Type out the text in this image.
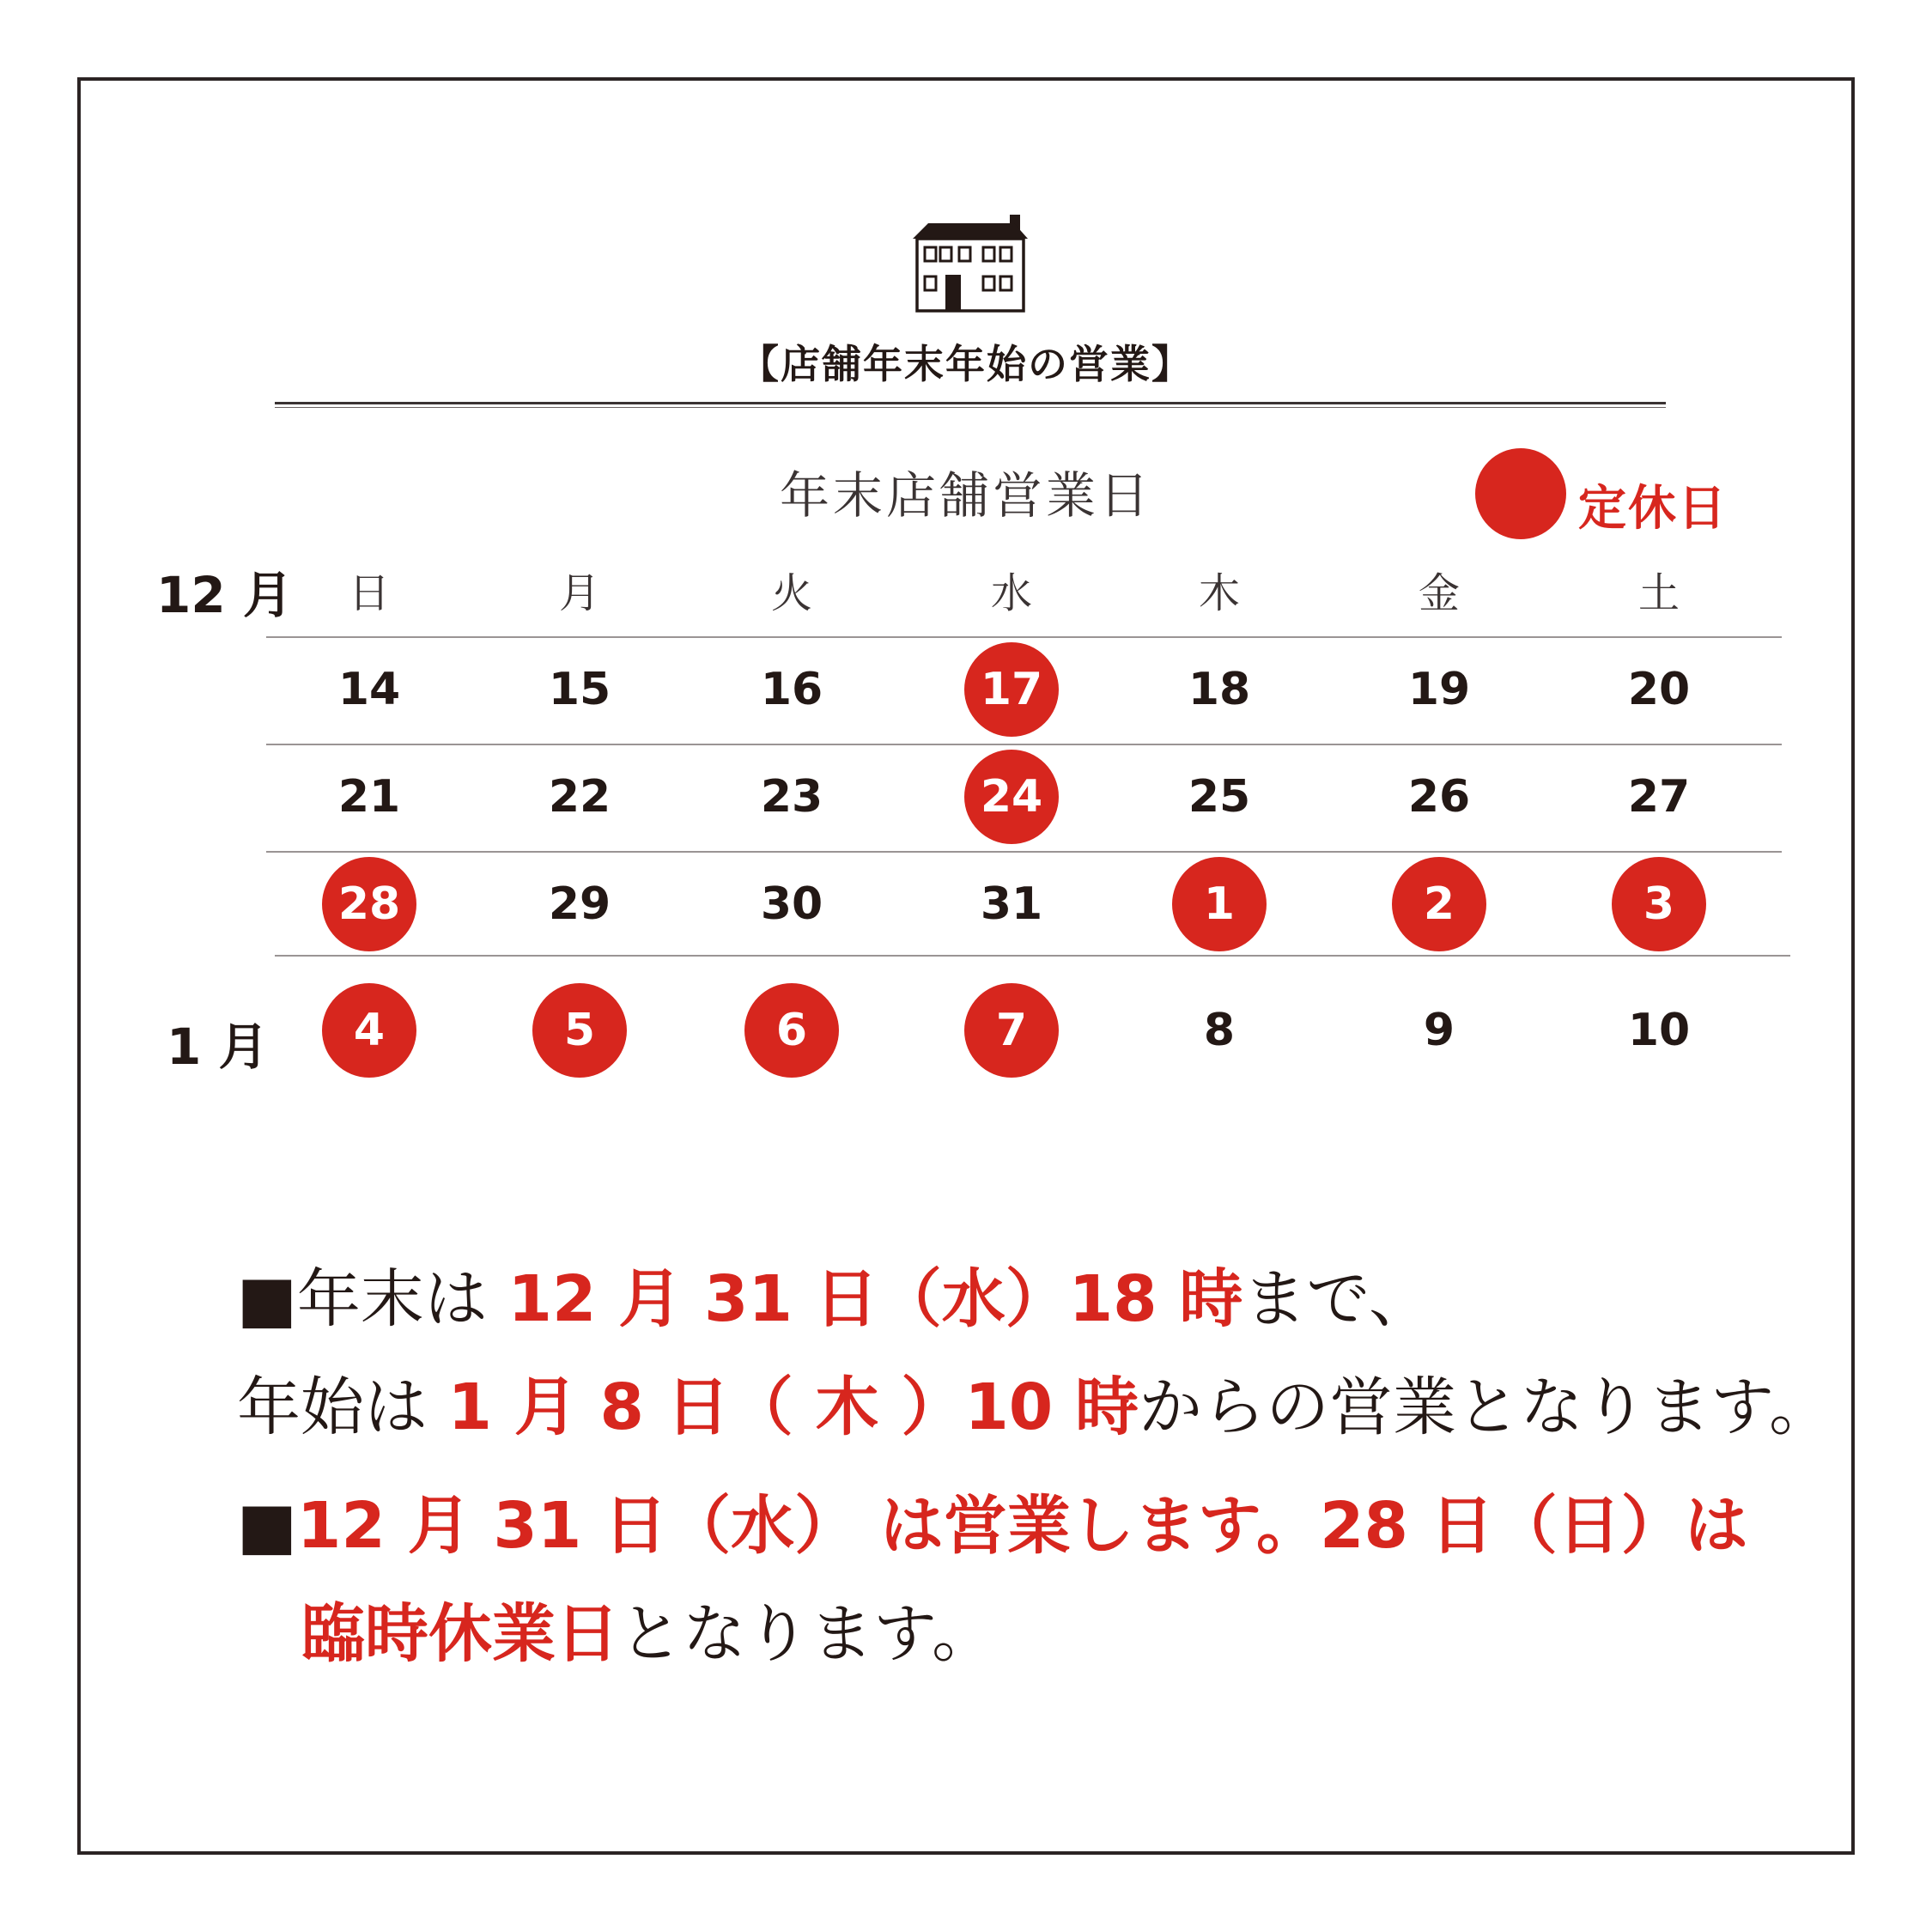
【店舗年末年始の営業】
年末店舗営業日	定休日
12 月
1 月
日	月	火	水	木	金	土
14	15	16	17	18	19	20
21	22	23	24	25	26	27
28	29	30	31	1	2	3
4	5	6	7	8	9	10

■年末は 12 月 31 日（水）18 時まで、

年始は 1 月 8 日（ 木 ）10 時からの営業となります。

■12 月 31 日（水） は営業します。28 日（日）は

臨時休業日となります。
